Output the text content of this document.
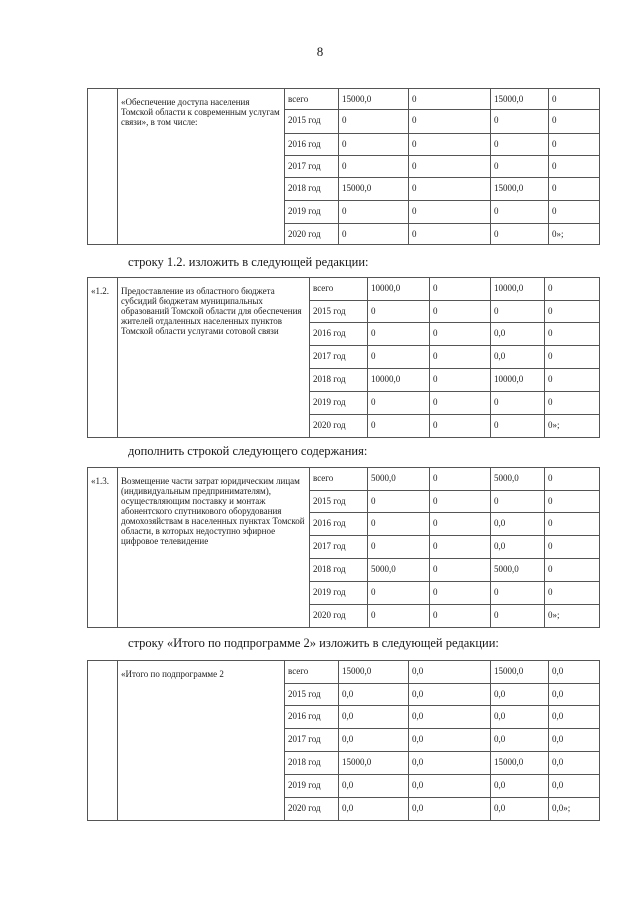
8
	«Обеспечение доступа населения Томской области к современным услугам связи», в том числе:	всего	15000,0	0	15000,0	0
		2015 год	0	0	0	0
		2016 год	0	0	0	0
		2017 год	0	0	0	0
		2018 год	15000,0	0	15000,0	0
		2019 год	0	0	0	0
		2020 год	0	0	0	0»;
строку 1.2. изложить в следующей редакции:
«1.2.	Предоставление из областного бюджета субсидий бюджетам муниципальных образований Томской области для обеспечения жителей отдаленных населенных пунктов Томской области услугами сотовой связи	всего	10000,0	0	10000,0	0
		2015 год	0	0	0	0
		2016 год	0	0	0,0	0
		2017 год	0	0	0,0	0
		2018 год	10000,0	0	10000,0	0
		2019 год	0	0	0	0
		2020 год	0	0	0	0»;
дополнить строкой следующего содержания:
«1.3.	Возмещение части затрат юридическим лицам (индивидуальным предпринимателям), осуществляющим поставку и монтаж абонентского спутникового оборудования домохозяйствам в населенных пунктах Томской области, в которых недоступно эфирное цифровое телевидение	всего	5000,0	0	5000,0	0
		2015 год	0	0	0	0
		2016 год	0	0	0,0	0
		2017 год	0	0	0,0	0
		2018 год	5000,0	0	5000,0	0
		2019 год	0	0	0	0
		2020 год	0	0	0	0»;
строку «Итого по подпрограмме 2» изложить в следующей редакции:
	«Итого по подпрограмме 2	всего	15000,0	0,0	15000,0	0,0
		2015 год	0,0	0,0	0,0	0,0
		2016 год	0,0	0,0	0,0	0,0
		2017 год	0,0	0,0	0,0	0,0
		2018 год	15000,0	0,0	15000,0	0,0
		2019 год	0,0	0,0	0,0	0,0
		2020 год	0,0	0,0	0,0	0,0»;
